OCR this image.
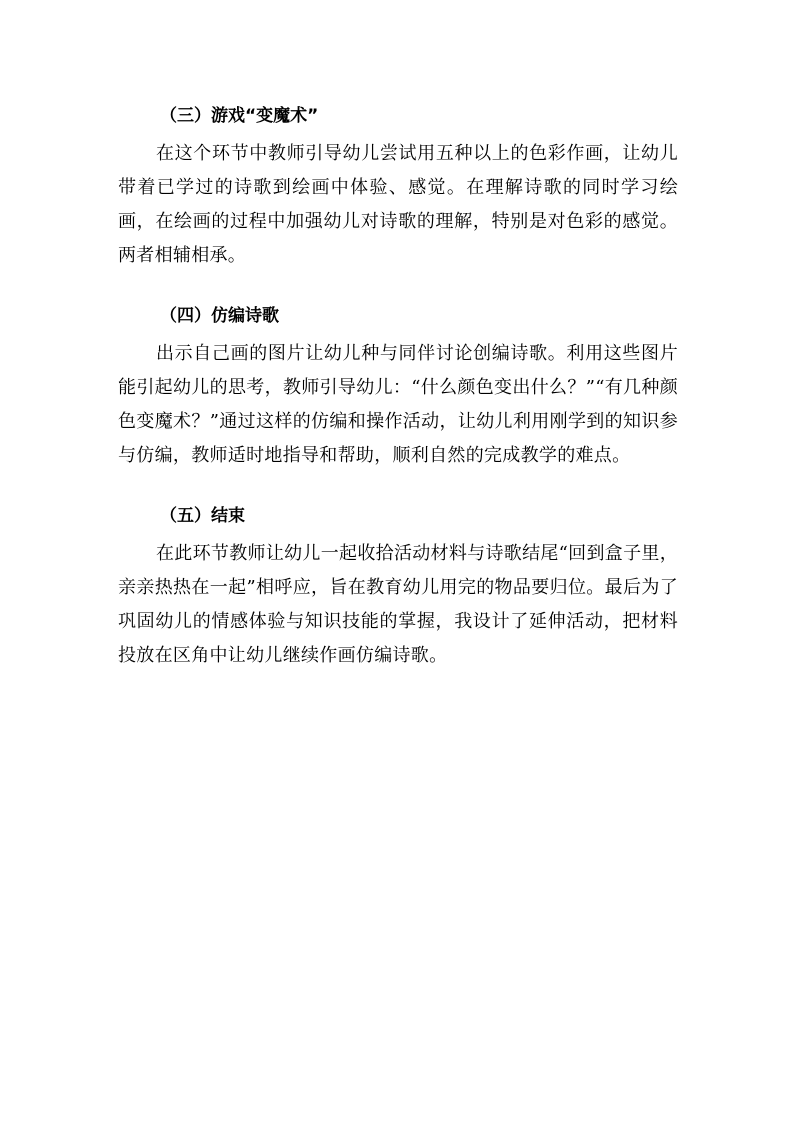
（三）游戏“变魔术”

在这个环节中教师引导幼儿尝试用五种以上的色彩作画，让幼儿带着已学过的诗歌到绘画中体验、感觉。在理解诗歌的同时学习绘画，在绘画的过程中加强幼儿对诗歌的理解，特别是对色彩的感觉。两者相辅相承。

（四）仿编诗歌

出示自己画的图片让幼儿种与同伴讨论创编诗歌。利用这些图片能引起幼儿的思考，教师引导幼儿：“什么颜色变出什么？”“有几种颜色变魔术？”通过这样的仿编和操作活动，让幼儿利用刚学到的知识参与仿编，教师适时地指导和帮助，顺利自然的完成教学的难点。

（五）结束

在此环节教师让幼儿一起收拾活动材料与诗歌结尾“回到盒子里，亲亲热热在一起”相呼应，旨在教育幼儿用完的物品要归位。最后为了巩固幼儿的情感体验与知识技能的掌握，我设计了延伸活动，把材料投放在区角中让幼儿继续作画仿编诗歌。
